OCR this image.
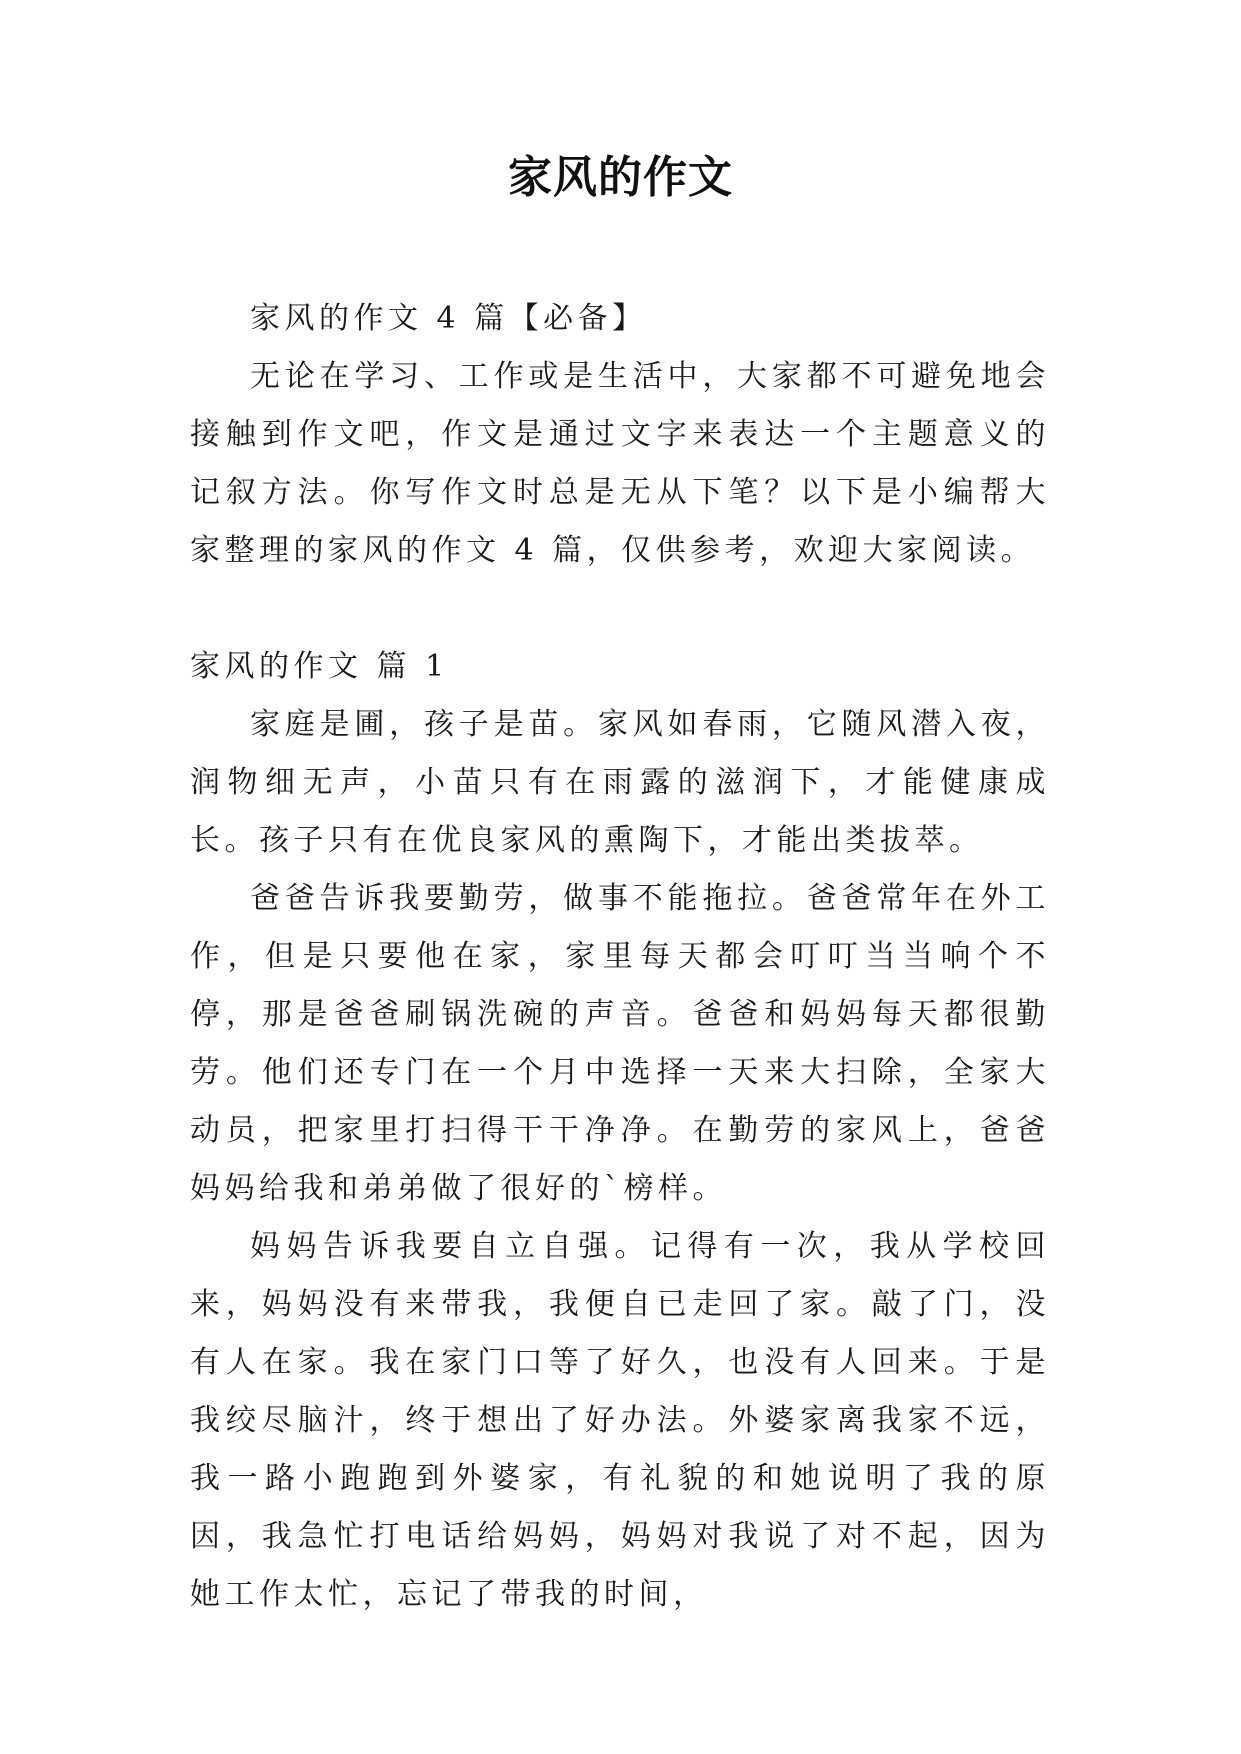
家风的作文

家风的作文 4 篇【必备】

无论在学习、工作或是生活中，大家都不可避免地会接触到作文吧，作文是通过文字来表达一个主题意义的记叙方法。你写作文时总是无从下笔？以下是小编帮大家整理的家风的作文 4 篇，仅供参考，欢迎大家阅读。

家风的作文 篇 1

家庭是圃，孩子是苗。家风如春雨，它随风潜入夜，润物细无声，小苗只有在雨露的滋润下，才能健康成长。孩子只有在优良家风的熏陶下，才能出类拔萃。

爸爸告诉我要勤劳，做事不能拖拉。爸爸常年在外工作，但是只要他在家，家里每天都会叮叮当当响个不停，那是爸爸刷锅洗碗的声音。爸爸和妈妈每天都很勤劳。他们还专门在一个月中选择一天来大扫除，全家大动员，把家里打扫得干干净净。在勤劳的家风上，爸爸妈妈给我和弟弟做了很好的`榜样。

妈妈告诉我要自立自强。记得有一次，我从学校回来，妈妈没有来带我，我便自已走回了家。敲了门，没有人在家。我在家门口等了好久，也没有人回来。于是我绞尽脑汁，终于想出了好办法。外婆家离我家不远，我一路小跑跑到外婆家，有礼貌的和她说明了我的原因，我急忙打电话给妈妈，妈妈对我说了对不起，因为她工作太忙，忘记了带我的时间，
